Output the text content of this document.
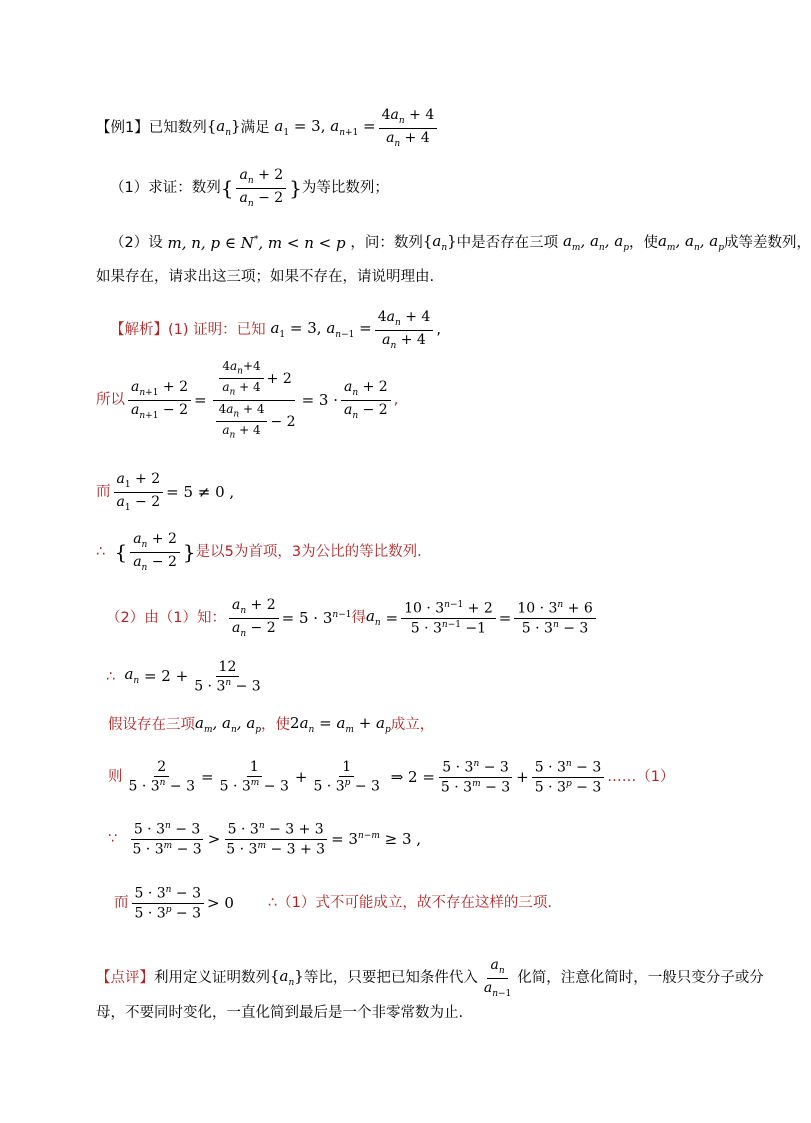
【例1】 已知数列 $\{a_n\}$ 满足 $a_1 = 3$, $a_{n+1} = \frac{4a_n + 4}{a_n + 4}$
（1）求证：数列 { $\frac{a_n + 2}{a_n - 2}$ } 为等比数列；
（2）设 m, n, p ∈ N*, m < n < p ，问：数列 $\{a_n\}$ 中是否存在三项 $a_m$, $a_n$, $a_p$ ，使 $a_m$, $a_n$, $a_p$ 成等差数列，
如果存在，请求出这三项；如果不存在，请说明理由.
【解析】 (1) 证明：已知 $a_1 = 3$, $a_{n-1} = \frac{4a_n + 4}{a_n + 4}$ ,
所以 $\frac{a_{n+1} + 2}{a_{n+1} - 2} = \frac{\frac{4a_n+4}{a_n + 4} + 2}{\frac{4a_n + 4}{a_n + 4} - 2} = 3 \cdot \frac{a_n + 2}{a_n - 2}$ ,
而 $\frac{a_1 + 2}{a_1 - 2} = 5 \ne 0$ ,
∴
{ $\frac{a_n + 2}{a_n - 2}$ } 是以 5 为首项， 3 为公比的等比数列.
（2）由（1）知： $\frac{a_n + 2}{a_n - 2} = 5 \cdot 3^{n-1}$ 得 $a_n = \frac{10 \cdot 3^{n-1} + 2}{5 \cdot 3^{n-1} -1} = \frac{10 \cdot 3^n + 6}{5 \cdot 3^n - 3}$
∴
$a_n = 2 + \frac{12}{5 \cdot 3^n - 3}$
假设存在三项 $a_m$, $a_n$, $a_p$ ，使 $2a_n = a_m + a_p$ 成立，
则 $\frac{2}{5 \cdot 3^n - 3} = \frac{1}{5 \cdot 3^m - 3} + \frac{1}{5 \cdot 3^p - 3}$ ⇒ $2 = \frac{5 \cdot 3^n - 3}{5 \cdot 3^m - 3} + \frac{5 \cdot 3^n - 3}{5 \cdot 3^p - 3}$ ……（1）
∵
$\frac{5 \cdot 3^n - 3}{5 \cdot 3^m - 3} > \frac{5 \cdot 3^n - 3 + 3}{5 \cdot 3^m - 3 + 3} = 3^{n-m} \ge 3$ ,
而 $\frac{5 \cdot 3^n - 3}{5 \cdot 3^p - 3} > 0$ ∴（1）式不可能成立，故不存在这样的三项.
【点评】 利用定义证明数列 $\{a_n\}$ 等比，只要把已知条件代入 $\frac{a_n}{a_{n-1}}$ 化简，注意化简时，一般只变分子或分
母，不要同时变化，一直化简到最后是一个非零常数为止.
